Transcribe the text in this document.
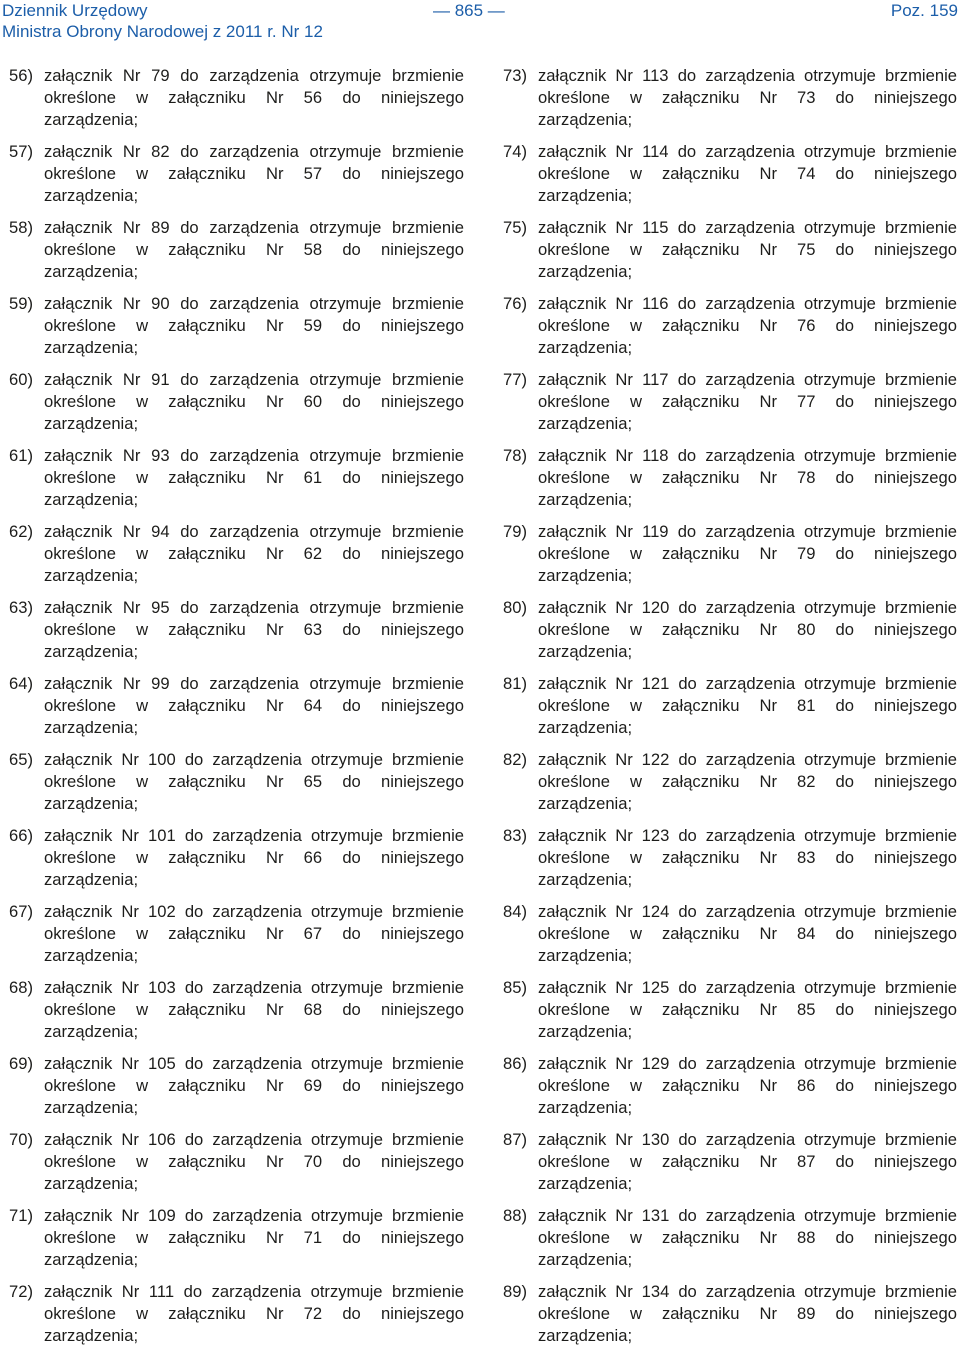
Dziennik Urzędowy
Ministra Obrony Narodowej z 2011 r. Nr 12
— 865 —	Poz. 159
56) załącznik Nr 79 do zarządzenia otrzymuje brzmienie określone w załączniku Nr 56 do niniejszego zarządzenia;
57) załącznik Nr 82 do zarządzenia otrzymuje brzmienie określone w załączniku Nr 57 do niniejszego zarządzenia;
58) załącznik Nr 89 do zarządzenia otrzymuje brzmienie określone w załączniku Nr 58 do niniejszego zarządzenia;
59) załącznik Nr 90 do zarządzenia otrzymuje brzmienie określone w załączniku Nr 59 do niniejszego zarządzenia;
60) załącznik Nr 91 do zarządzenia otrzymuje brzmienie określone w załączniku Nr 60 do niniejszego zarządzenia;
61) załącznik Nr 93 do zarządzenia otrzymuje brzmienie określone w załączniku Nr 61 do niniejszego zarządzenia;
62) załącznik Nr 94 do zarządzenia otrzymuje brzmienie określone w załączniku Nr 62 do niniejszego zarządzenia;
63) załącznik Nr 95 do zarządzenia otrzymuje brzmienie określone w załączniku Nr 63 do niniejszego zarządzenia;
64) załącznik Nr 99 do zarządzenia otrzymuje brzmienie określone w załączniku Nr 64 do niniejszego zarządzenia;
65) załącznik Nr 100 do zarządzenia otrzymuje brzmienie określone w załączniku Nr 65 do niniejszego zarządzenia;
66) załącznik Nr 101 do zarządzenia otrzymuje brzmienie określone w załączniku Nr 66 do niniejszego zarządzenia;
67) załącznik Nr 102 do zarządzenia otrzymuje brzmienie określone w załączniku Nr 67 do niniejszego zarządzenia;
68) załącznik Nr 103 do zarządzenia otrzymuje brzmienie określone w załączniku Nr 68 do niniejszego zarządzenia;
69) załącznik Nr 105 do zarządzenia otrzymuje brzmienie określone w załączniku Nr 69 do niniejszego zarządzenia;
70) załącznik Nr 106 do zarządzenia otrzymuje brzmienie określone w załączniku Nr 70 do niniejszego zarządzenia;
71) załącznik Nr 109 do zarządzenia otrzymuje brzmienie określone w załączniku Nr 71 do niniejszego zarządzenia;
72) załącznik Nr 111 do zarządzenia otrzymuje brzmienie określone w załączniku Nr 72 do niniejszego zarządzenia;
73) załącznik Nr 113 do zarządzenia otrzymuje brzmienie określone w załączniku Nr 73 do niniejszego zarządzenia;
74) załącznik Nr 114 do zarządzenia otrzymuje brzmienie określone w załączniku Nr 74 do niniejszego zarządzenia;
75) załącznik Nr 115 do zarządzenia otrzymuje brzmienie określone w załączniku Nr 75 do niniejszego zarządzenia;
76) załącznik Nr 116 do zarządzenia otrzymuje brzmienie określone w załączniku Nr 76 do niniejszego zarządzenia;
77) załącznik Nr 117 do zarządzenia otrzymuje brzmienie określone w załączniku Nr 77 do niniejszego zarządzenia;
78) załącznik Nr 118 do zarządzenia otrzymuje brzmienie określone w załączniku Nr 78 do niniejszego zarządzenia;
79) załącznik Nr 119 do zarządzenia otrzymuje brzmienie określone w załączniku Nr 79 do niniejszego zarządzenia;
80) załącznik Nr 120 do zarządzenia otrzymuje brzmienie określone w załączniku Nr 80 do niniejszego zarządzenia;
81) załącznik Nr 121 do zarządzenia otrzymuje brzmienie określone w załączniku Nr 81 do niniejszego zarządzenia;
82) załącznik Nr 122 do zarządzenia otrzymuje brzmienie określone w załączniku Nr 82 do niniejszego zarządzenia;
83) załącznik Nr 123 do zarządzenia otrzymuje brzmienie określone w załączniku Nr 83 do niniejszego zarządzenia;
84) załącznik Nr 124 do zarządzenia otrzymuje brzmienie określone w załączniku Nr 84 do niniejszego zarządzenia;
85) załącznik Nr 125 do zarządzenia otrzymuje brzmienie określone w załączniku Nr 85 do niniejszego zarządzenia;
86) załącznik Nr 129 do zarządzenia otrzymuje brzmienie określone w załączniku Nr 86 do niniejszego zarządzenia;
87) załącznik Nr 130 do zarządzenia otrzymuje brzmienie określone w załączniku Nr 87 do niniejszego zarządzenia;
88) załącznik Nr 131 do zarządzenia otrzymuje brzmienie określone w załączniku Nr 88 do niniejszego zarządzenia;
89) załącznik Nr 134 do zarządzenia otrzymuje brzmienie określone w załączniku Nr 89 do niniejszego zarządzenia;
